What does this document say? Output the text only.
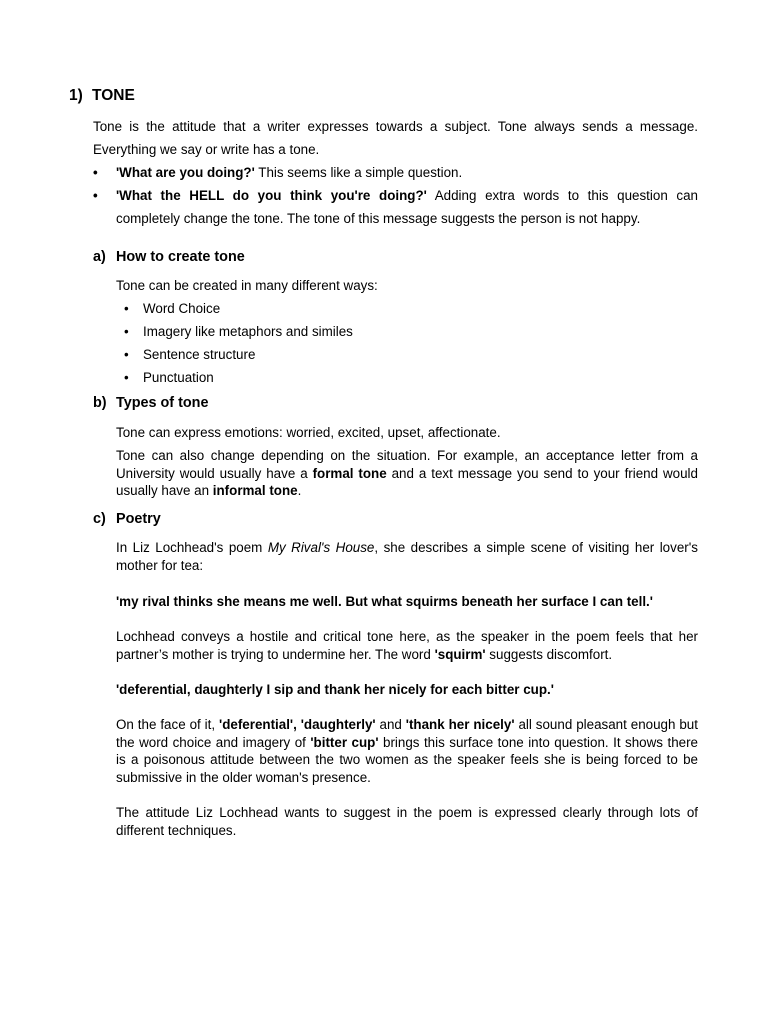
1) TONE
Tone is the attitude that a writer expresses towards a subject. Tone always sends a message.
Everything we say or write has a tone.
• 'What are you doing?' This seems like a simple question.
• 'What the HELL do you think you're doing?' Adding extra words to this question can
completely change the tone. The tone of this message suggests the person is not happy.
a) How to create tone
Tone can be created in many different ways:
• Word Choice
• Imagery like metaphors and similes
• Sentence structure
• Punctuation
b) Types of tone
Tone can express emotions: worried, excited, upset, affectionate.
Tone can also change depending on the situation. For example, an acceptance letter from a University would usually have a formal tone and a text message you send to your friend would usually have an informal tone.
c) Poetry
In Liz Lochhead's poem My Rival's House, she describes a simple scene of visiting her lover's mother for tea:
'my rival thinks she means me well. But what squirms beneath her surface I can tell.'
Lochhead conveys a hostile and critical tone here, as the speaker in the poem feels that her partner’s mother is trying to undermine her. The word 'squirm' suggests discomfort.
'deferential, daughterly I sip and thank her nicely for each bitter cup.'
On the face of it, 'deferential', 'daughterly' and 'thank her nicely' all sound pleasant enough but the word choice and imagery of 'bitter cup' brings this surface tone into question. It shows there is a poisonous attitude between the two women as the speaker feels she is being forced to be submissive in the older woman's presence.
The attitude Liz Lochhead wants to suggest in the poem is expressed clearly through lots of different techniques.
